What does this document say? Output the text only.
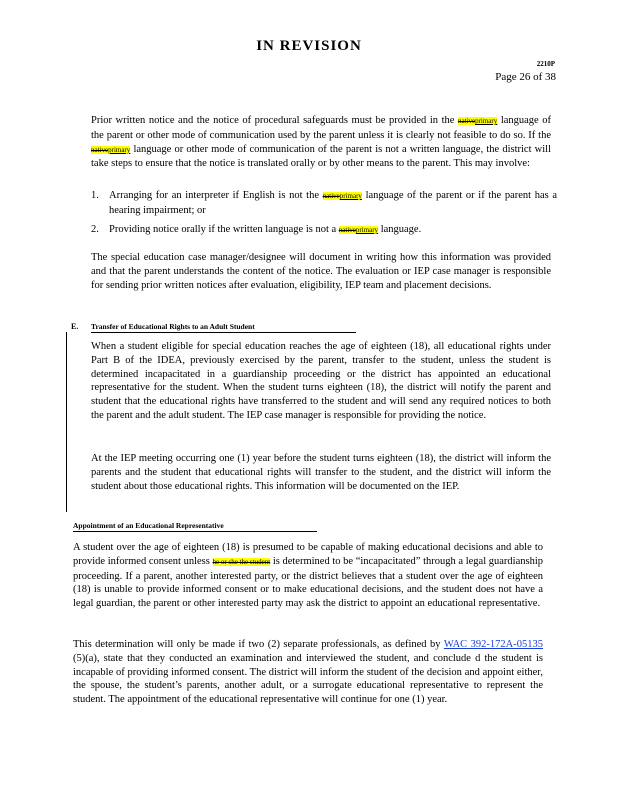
IN REVISION
2210P
Page 26 of 38

Prior written notice and the notice of procedural safeguards must be provided in the nativeprimary language of the parent or other mode of communication used by the parent unless it is clearly not feasible to do so. If the nativeprimary language or other mode of communication of the parent is not a written language, the district will take steps to ensure that the notice is translated orally or by other means to the parent. This may involve:

1. Arranging for an interpreter if English is not the nativeprimary language of the parent or if the parent has a hearing impairment; or
2. Providing notice orally if the written language is not a nativeprimary language.

The special education case manager/designee will document in writing how this information was provided and that the parent understands the content of the notice. The evaluation or IEP case manager is responsible for sending prior written notices after evaluation, eligibility, IEP team and placement decisions.

E. Transfer of Educational Rights to an Adult Student

When a student eligible for special education reaches the age of eighteen (18), all educational rights under Part B of the IDEA, previously exercised by the parent, transfer to the student, unless the student is determined incapacitated in a guardianship proceeding or the district has appointed an educational representative for the student. When the student turns eighteen (18), the district will notify the parent and student that the educational rights have transferred to the student and will send any required notices to both the parent and the adult student. The IEP case manager is responsible for providing the notice.

At the IEP meeting occurring one (1) year before the student turns eighteen (18), the district will inform the parents and the student that educational rights will transfer to the student, and the district will inform the student about those educational rights. This information will be documented on the IEP.

Appointment of an Educational Representative

A student over the age of eighteen (18) is presumed to be capable of making educational decisions and able to provide informed consent unless he or she the student is determined to be “incapacitated” through a legal guardianship proceeding. If a parent, another interested party, or the district believes that a student over the age of eighteen (18) is unable to provide informed consent or to make educational decisions, and the student does not have a legal guardian, the parent or other interested party may ask the district to appoint an educational representative.

This determination will only be made if two (2) separate professionals, as defined by WAC 392-172A-05135 (5)(a), state that they conducted an examination and interviewed the student, and conclude d the student is incapable of providing informed consent. The district will inform the student of the decision and appoint either, the spouse, the student’s parents, another adult, or a surrogate educational representative to represent the student. The appointment of the educational representative will continue for one (1) year.
